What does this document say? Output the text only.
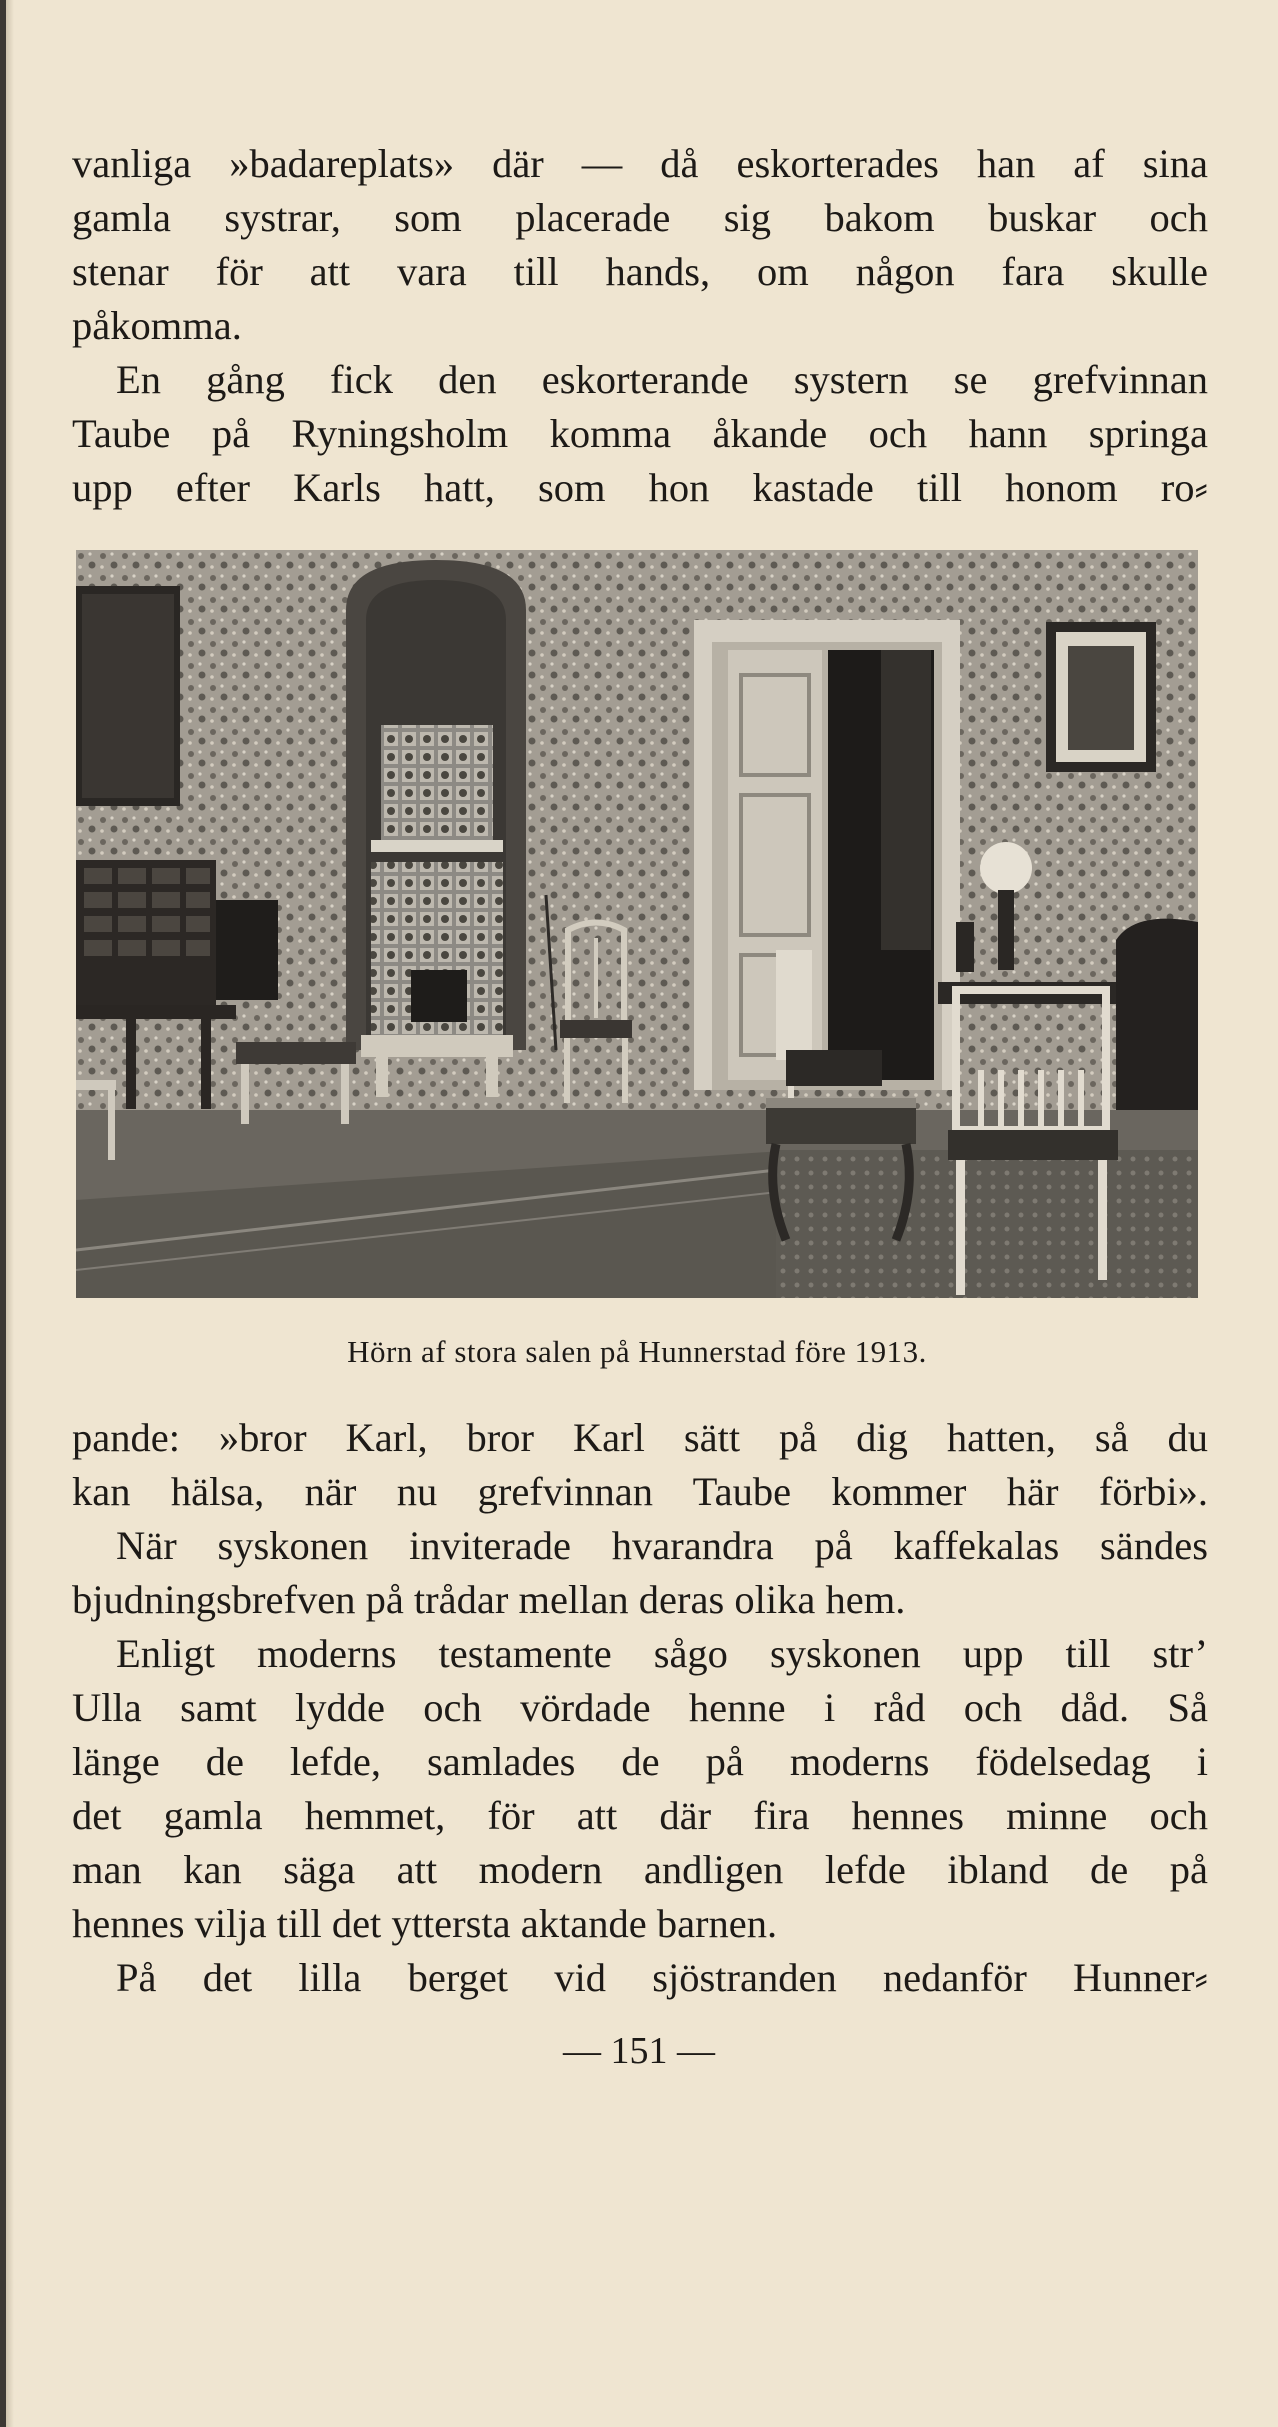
vanliga »badareplats» där — då eskorterades han af sina
gamla systrar, som placerade sig bakom buskar och
stenar för att vara till hands, om någon fara skulle
påkomma.
En gång fick den eskorterande systern se grefvinnan
Taube på Ryningsholm komma åkande och hann springa
upp efter Karls hatt, som hon kastade till honom ro⸗
Hörn af stora salen på Hunnerstad före 1913.
pande: »bror Karl, bror Karl sätt på dig hatten, så du
kan hälsa, när nu grefvinnan Taube kommer här förbi».
När syskonen inviterade hvarandra på kaffekalas sändes
bjudningsbrefven på trådar mellan deras olika hem.
Enligt moderns testamente sågo syskonen upp till str’
Ulla samt lydde och vördade henne i råd och dåd. Så
länge de lefde, samlades de på moderns födelsedag i
det gamla hemmet, för att där fira hennes minne och
man kan säga att modern andligen lefde ibland de på
hennes vilja till det yttersta aktande barnen.
På det lilla berget vid sjöstranden nedanför Hunner⸗
— 151 —
